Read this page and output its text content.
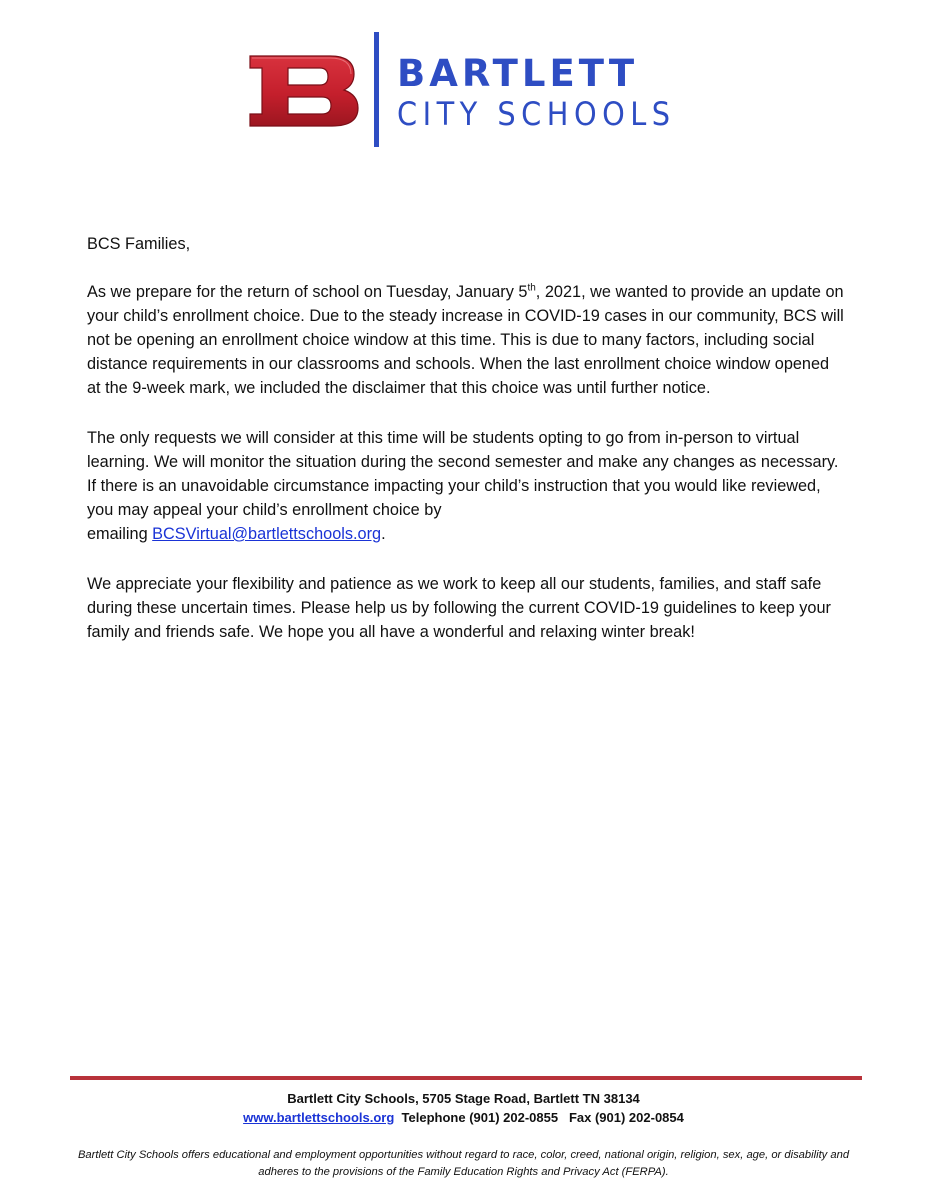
BARTLETT
CITY SCHOOLS

BCS Families,

As we prepare for the return of school on Tuesday, January 5th, 2021, we wanted to provide an update on your child’s enrollment choice. Due to the steady increase in COVID-19 cases in our community, BCS will not be opening an enrollment choice window at this time. This is due to many factors, including social distance requirements in our classrooms and schools. When the last enrollment choice window opened at the 9-week mark, we included the disclaimer that this choice was until further notice.

The only requests we will consider at this time will be students opting to go from in-person to virtual learning. We will monitor the situation during the second semester and make any changes as necessary. If there is an unavoidable circumstance impacting your child’s instruction that you would like reviewed, you may appeal your child’s enrollment choice by
emailing BCSVirtual@bartlettschools.org.

We appreciate your flexibility and patience as we work to keep all our students, families, and staff safe during these uncertain times. Please help us by following the current COVID-19 guidelines to keep your family and friends safe. We hope you all have a wonderful and relaxing winter break!

Bartlett City Schools, 5705 Stage Road, Bartlett TN 38134
www.bartlettschools.org Telephone (901) 202-0855 Fax (901) 202-0854
Bartlett City Schools offers educational and employment opportunities without regard to race, color, creed, national origin, religion, sex, age, or disability and adheres to the provisions of the Family Education Rights and Privacy Act (FERPA).
